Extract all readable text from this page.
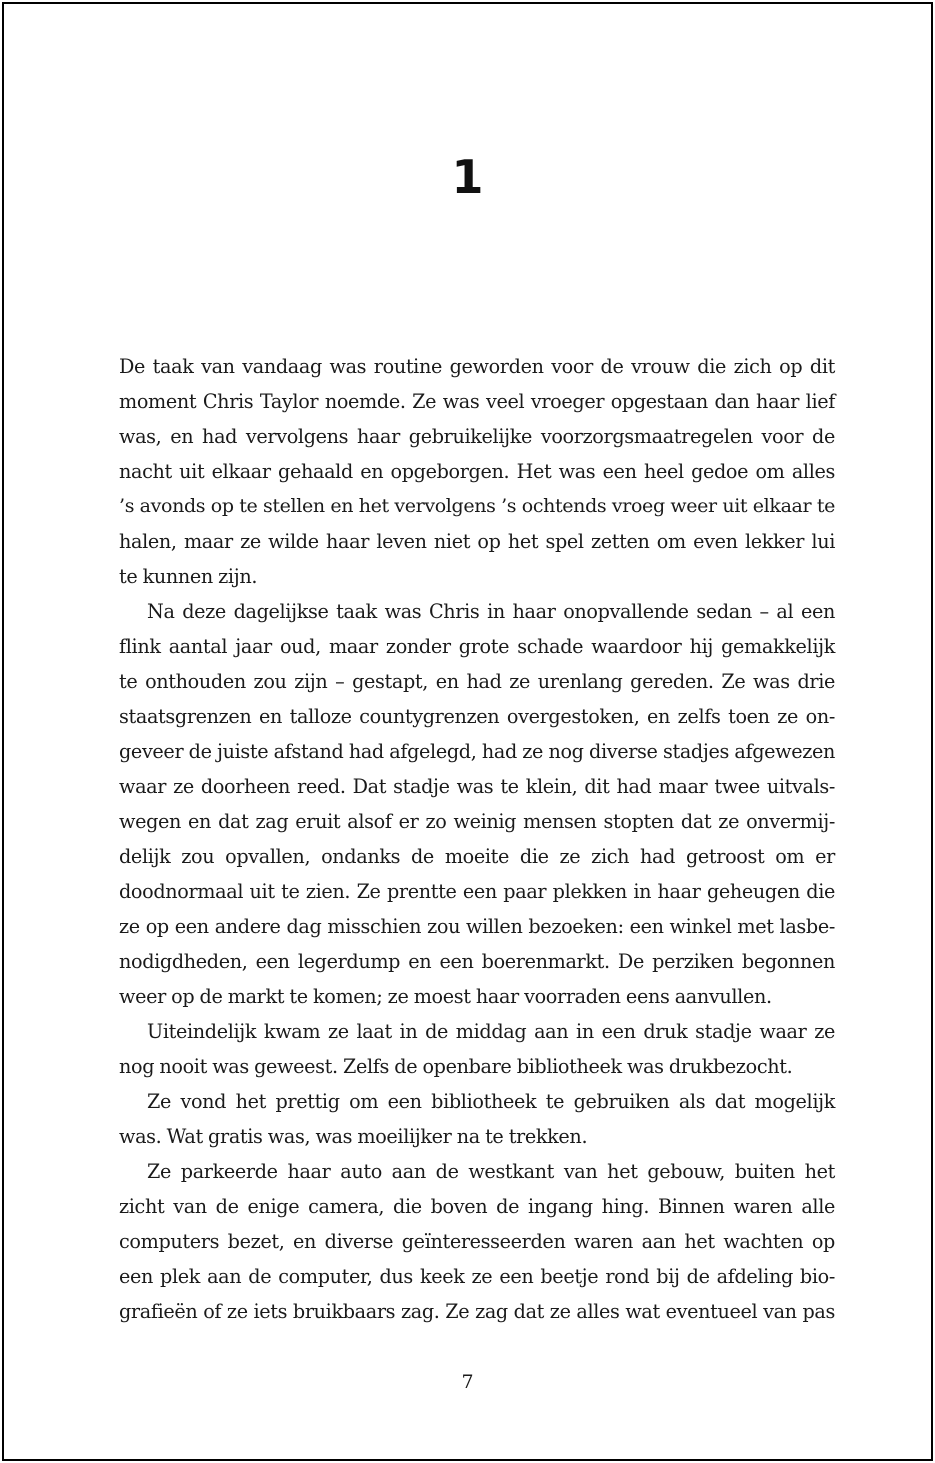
1
De taak van vandaag was routine geworden voor de vrouw die zich op dit
moment Chris Taylor noemde. Ze was veel vroeger opgestaan dan haar lief
was, en had vervolgens haar gebruikelijke voorzorgsmaatregelen voor de
nacht uit elkaar gehaald en opgeborgen. Het was een heel gedoe om alles
’s avonds op te stellen en het vervolgens ’s ochtends vroeg weer uit elkaar te
halen, maar ze wilde haar leven niet op het spel zetten om even lekker lui
te kunnen zijn.
Na deze dagelijkse taak was Chris in haar onopvallende sedan – al een
flink aantal jaar oud, maar zonder grote schade waardoor hij gemakkelijk
te onthouden zou zijn – gestapt, en had ze urenlang gereden. Ze was drie
staatsgrenzen en talloze countygrenzen overgestoken, en zelfs toen ze on-
geveer de juiste afstand had afgelegd, had ze nog diverse stadjes afgewezen
waar ze doorheen reed. Dat stadje was te klein, dit had maar twee uitvals-
wegen en dat zag eruit alsof er zo weinig mensen stopten dat ze onvermij-
delijk zou opvallen, ondanks de moeite die ze zich had getroost om er
doodnormaal uit te zien. Ze prentte een paar plekken in haar geheugen die
ze op een andere dag misschien zou willen bezoeken: een winkel met lasbe-
nodigdheden, een legerdump en een boerenmarkt. De perziken begonnen
weer op de markt te komen; ze moest haar voorraden eens aanvullen.
Uiteindelijk kwam ze laat in de middag aan in een druk stadje waar ze
nog nooit was geweest. Zelfs de openbare bibliotheek was drukbezocht.
Ze vond het prettig om een bibliotheek te gebruiken als dat mogelijk
was. Wat gratis was, was moeilijker na te trekken.
Ze parkeerde haar auto aan de westkant van het gebouw, buiten het
zicht van de enige camera, die boven de ingang hing. Binnen waren alle
computers bezet, en diverse geïnteresseerden waren aan het wachten op
een plek aan de computer, dus keek ze een beetje rond bij de afdeling bio-
grafieën of ze iets bruikbaars zag. Ze zag dat ze alles wat eventueel van pas
7
